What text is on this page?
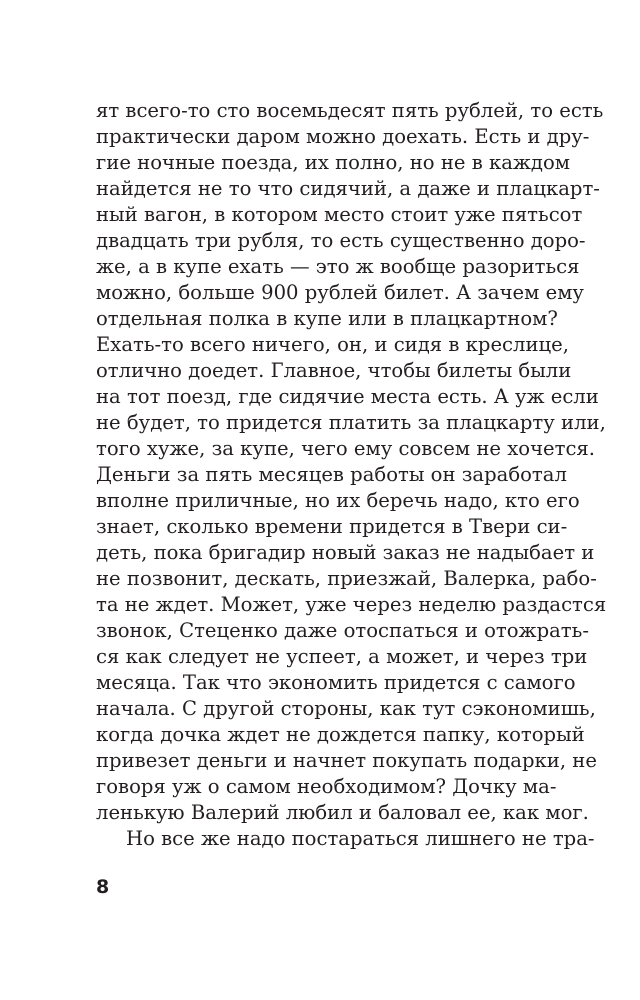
ят всего-то сто восемьдесят пять рублей, то есть
практически даром можно доехать. Есть и дру-
гие ночные поезда, их полно, но не в каждом
найдется не то что сидячий, а даже и плацкарт-
ный вагон, в котором место стоит уже пятьсот
двадцать три рубля, то есть существенно доро-
же, а в купе ехать — это ж вообще разориться
можно, больше 900 рублей билет. А зачем ему
отдельная полка в купе или в плацкартном?
Ехать-то всего ничего, он, и сидя в креслице,
отлично доедет. Главное, чтобы билеты были
на тот поезд, где сидячие места есть. А уж если
не будет, то придется платить за плацкарту или,
того хуже, за купе, чего ему совсем не хочется.
Деньги за пять месяцев работы он заработал
вполне приличные, но их беречь надо, кто его
знает, сколько времени придется в Твери си-
деть, пока бригадир новый заказ не надыбает и
не позвонит, дескать, приезжай, Валерка, рабо-
та не ждет. Может, уже через неделю раздастся
звонок, Стеценко даже отоспаться и отожрать-
ся как следует не успеет, а может, и через три
месяца. Так что экономить придется с самого
начала. С другой стороны, как тут сэкономишь,
когда дочка ждет не дождется папку, который
привезет деньги и начнет покупать подарки, не
говоря уж о самом необходимом? Дочку ма-
ленькую Валерий любил и баловал ее, как мог.
Но все же надо постараться лишнего не тра-

8
